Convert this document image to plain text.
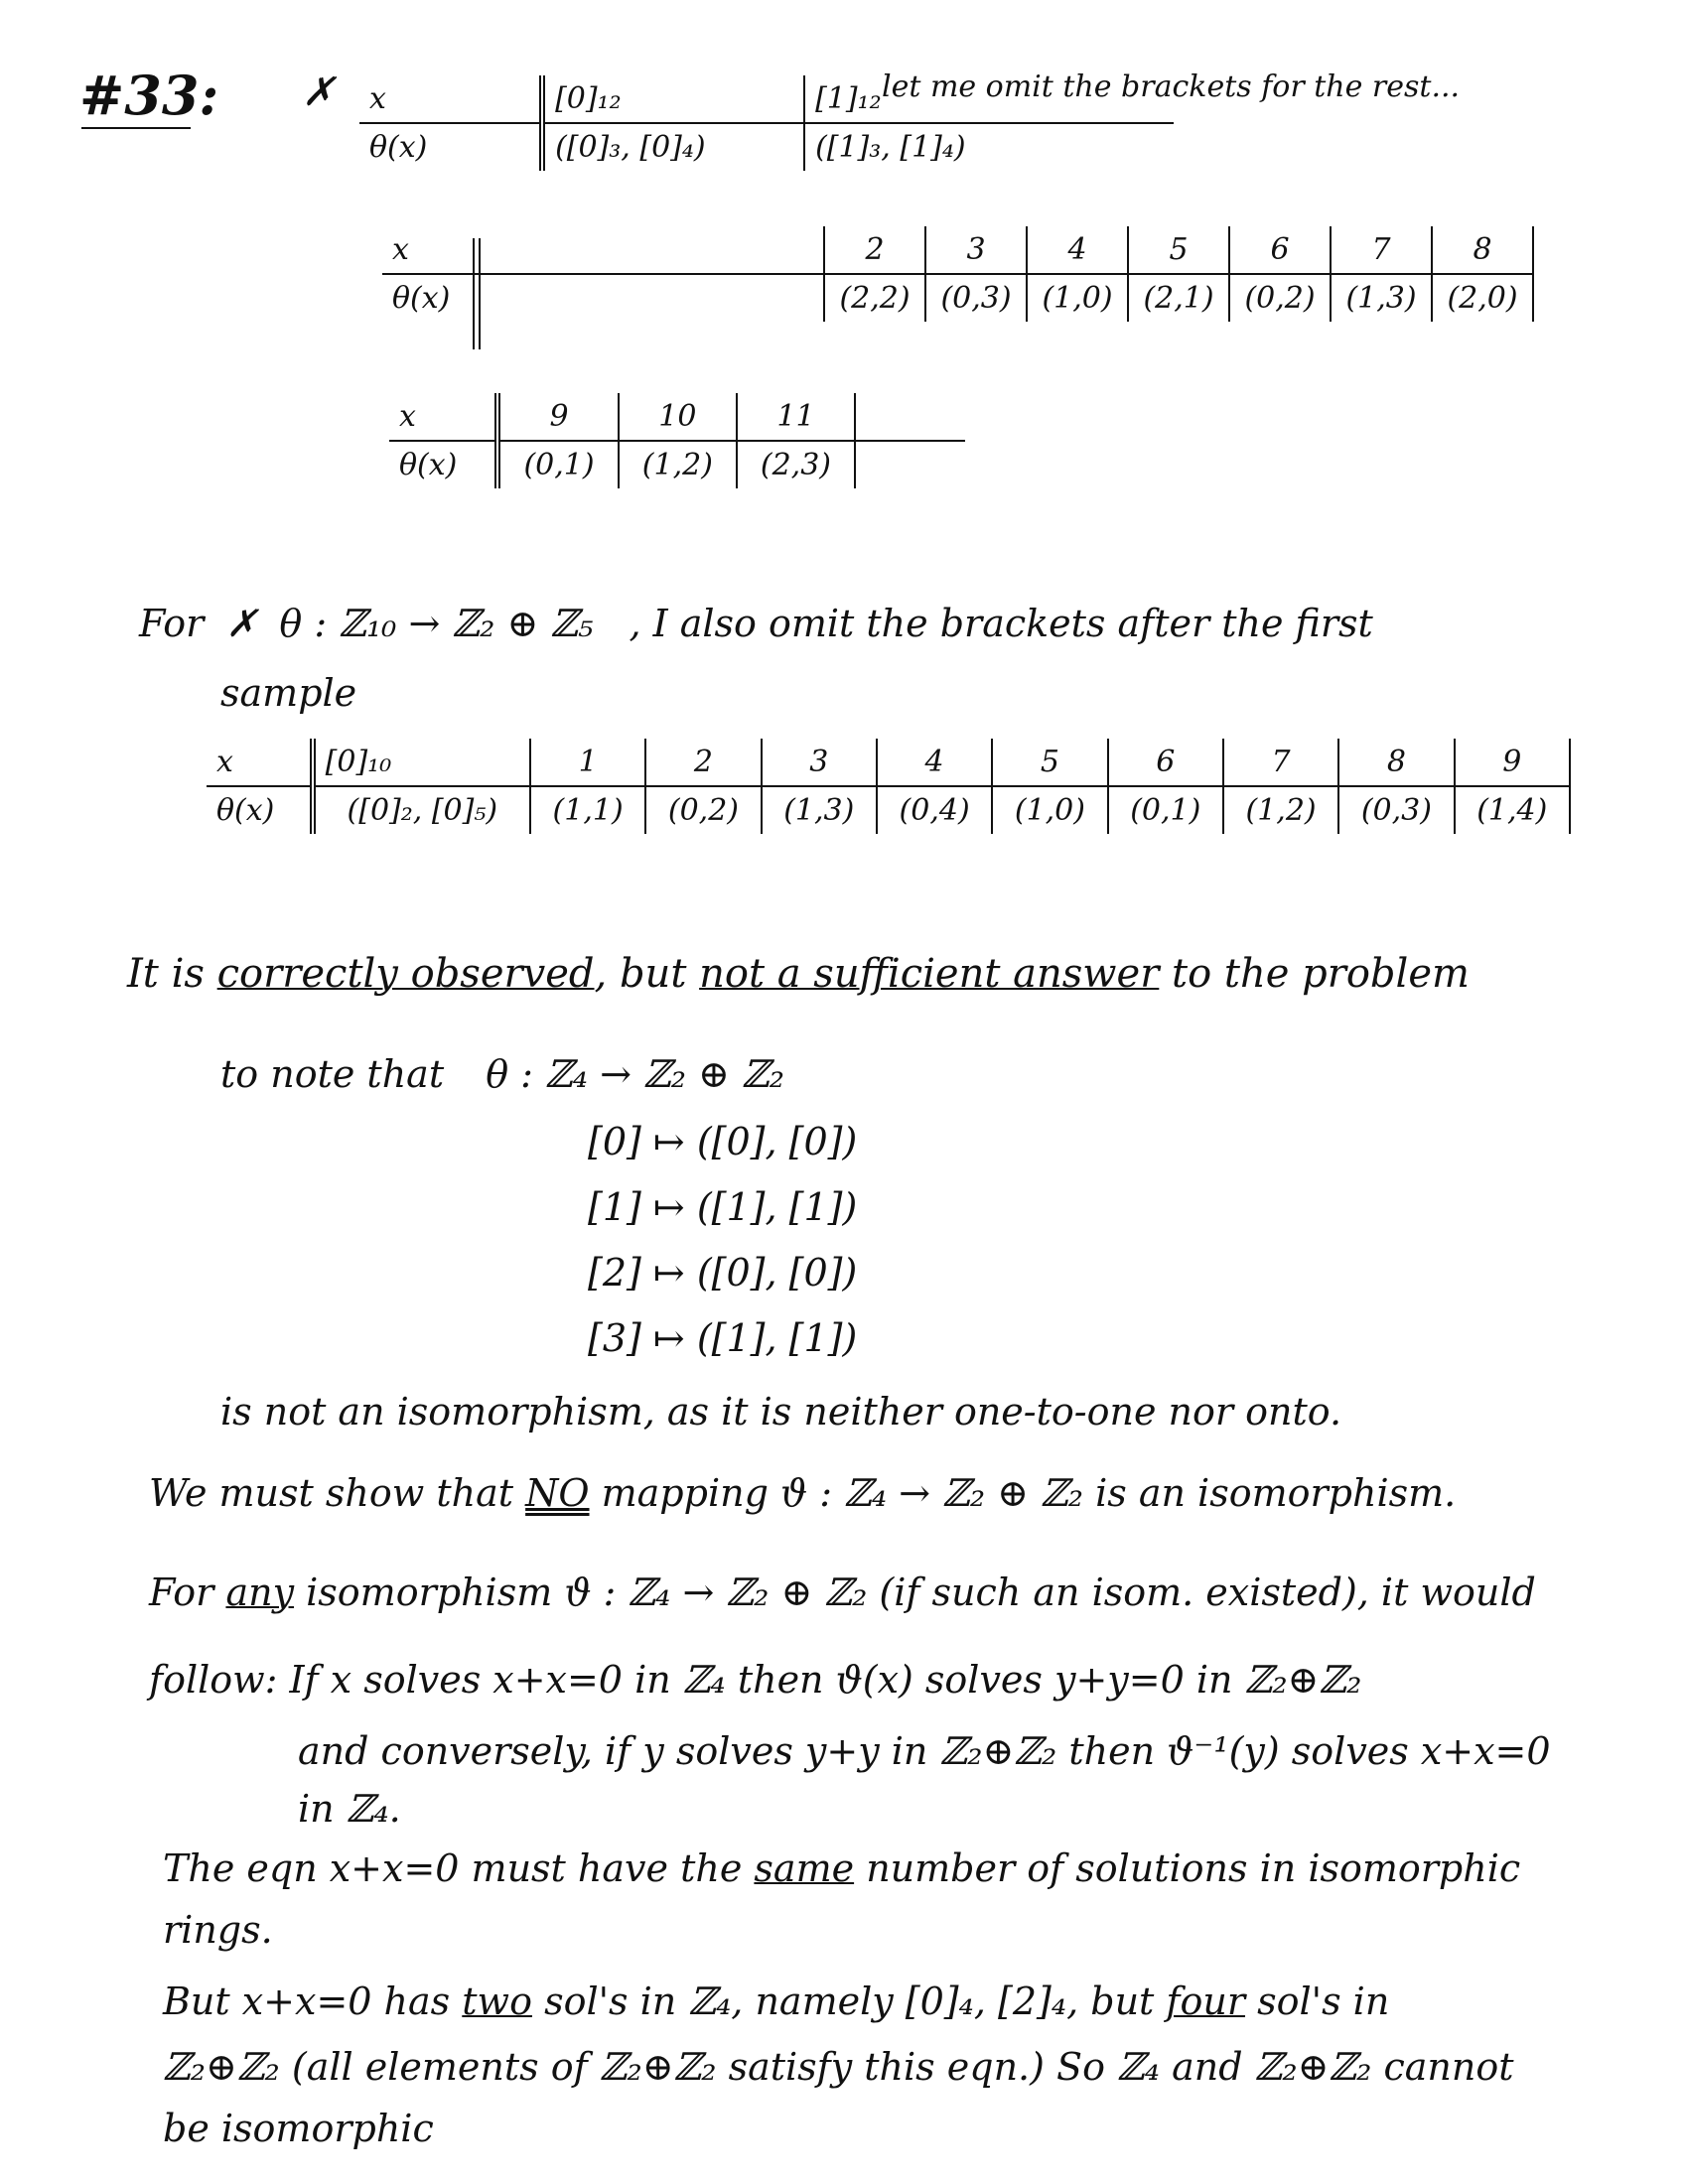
#33: ✗	let me omit the brackets for the rest...
x	[0]₁₂	[1]₁₂
θ(x)	([0]₃, [0]₄)	([1]₃, [1]₄)
x	2	3	4	5	6	7	8
θ(x)	(2,2)	(0,3)	(1,0)	(2,1)	(0,2)	(1,3)	(2,0)
x	9	10	11	
θ(x)	(0,1)	(1,2)	(2,3)	
For ✗ θ : ℤ₁₀ → ℤ₂ ⊕ ℤ₅ , I also omit the brackets after the first
sample
x	[0]₁₀	1	2	3	4	5	6	7	8	9
θ(x)	([0]₂, [0]₅)	(1,1)	(0,2)	(1,3)	(0,4)	(1,0)	(0,1)	(1,2)	(0,3)	(1,4)
It is correctly observed, but not a sufficient answer to the problem
to note that θ : ℤ₄ → ℤ₂ ⊕ ℤ₂
[0] ↦ ([0], [0])
[1] ↦ ([1], [1])
[2] ↦ ([0], [0])
[3] ↦ ([1], [1])
is not an isomorphism, as it is neither one-to-one nor onto.
We must show that NO mapping ϑ : ℤ₄ → ℤ₂ ⊕ ℤ₂ is an isomorphism.
For any isomorphism ϑ : ℤ₄ → ℤ₂ ⊕ ℤ₂ (if such an isom. existed), it would
follow: If x solves x+x=0 in ℤ₄ then ϑ(x) solves y+y=0 in ℤ₂⊕ℤ₂
and conversely, if y solves y+y in ℤ₂⊕ℤ₂ then ϑ⁻¹(y) solves x+x=0
in ℤ₄.
The eqn x+x=0 must have the same number of solutions in isomorphic
rings.
But x+x=0 has two sol's in ℤ₄, namely [0]₄, [2]₄, but four sol's in
ℤ₂⊕ℤ₂ (all elements of ℤ₂⊕ℤ₂ satisfy this eqn.) So ℤ₄ and ℤ₂⊕ℤ₂ cannot
be isomorphic
